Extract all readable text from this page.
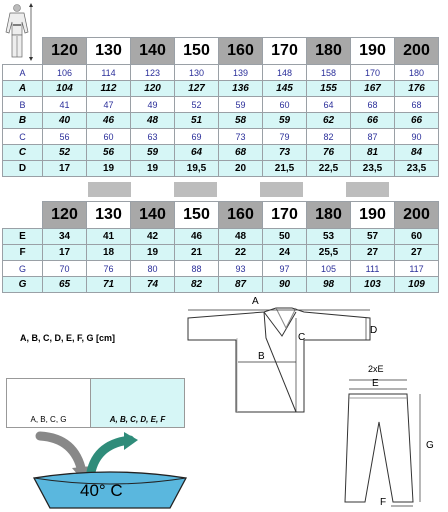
	120	130	140	150	160	170	180	190	200
A	106	114	123	130	139	148	158	170	180
A	104	112	120	127	136	145	155	167	176
B	41	47	49	52	59	60	64	68	68
B	40	46	48	51	58	59	62	66	66
C	56	60	63	69	73	79	82	87	90
C	52	56	59	64	68	73	76	81	84
D	17	19	19	19,5	20	21,5	22,5	23,5	23,5
	120	130	140	150	160	170	180	190	200
E	34	41	42	46	48	50	53	57	60
F	17	18	19	21	22	24	25,5	27	27
G	70	76	80	88	93	97	105	111	117
G	65	71	74	82	87	90	98	103	109
A, B, C, D, E, F, G [cm]
A, B, C, G	A, B, C, D, E, F
40° C
A
B
C
D
2xE
E
G
F
